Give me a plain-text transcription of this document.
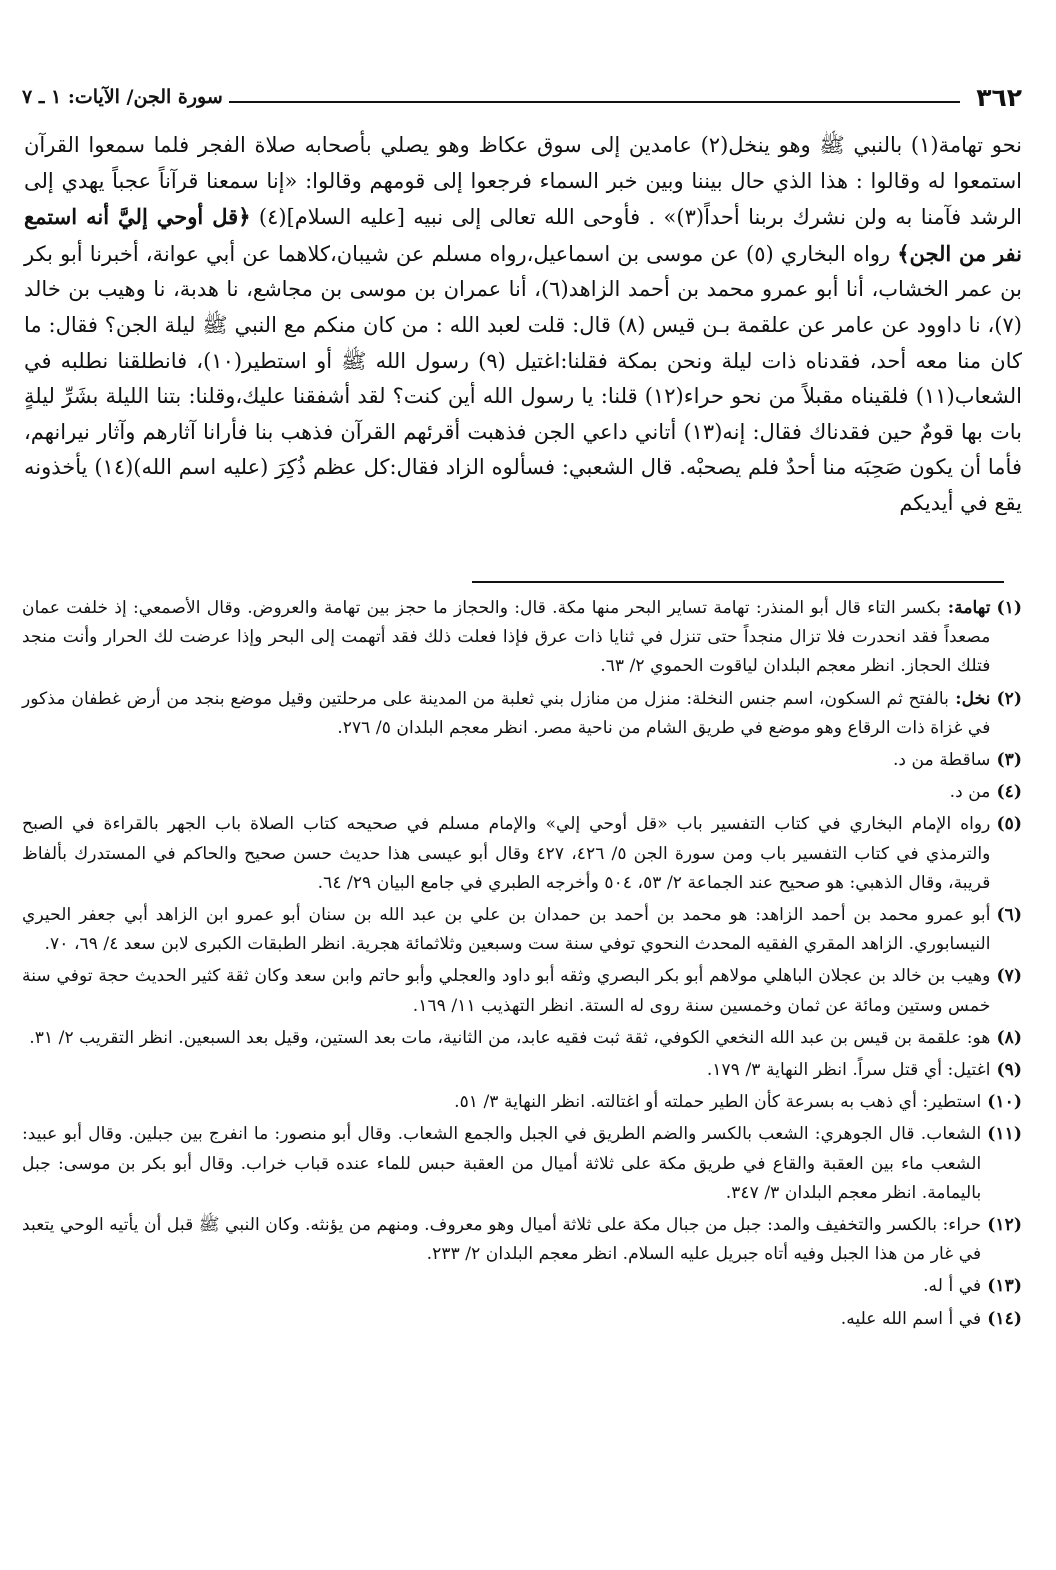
٣٦٢
سورة الجن/ الآيات: ١ ـ ٧

نحو تهامة(١) بالنبي ﷺ وهو ينخل(٢) عامدين إلى سوق عكاظ وهو يصلي بأصحابه صلاة الفجر فلما سمعوا القرآن استمعوا له وقالوا : هذا الذي حال بيننا وبين خبر السماء فرجعوا إلى قومهم وقالوا: «إنا سمعنا قرآناً عجباً يهدي إلى الرشد فآمنا به ولن نشرك بربنا أحداً(٣)» . فأوحى الله تعالى إلى نبيه [عليه السلام](٤) ﴿قل أوحي إليَّ أنه استمع نفر من الجن﴾ رواه البخاري (٥) عن موسى بن اسماعيل،رواه مسلم عن شيبان،كلاهما عن أبي عوانة، أخبرنا أبو بكر بن عمر الخشاب، أنا أبو عمرو محمد بن أحمد الزاهد(٦)، أنا عمران بن موسى بن مجاشع، نا هدبة، نا وهيب بن خالد (٧)، نا داوود عن عامر عن علقمة بـن قيس (٨) قال: قلت لعبد الله : من كان منكم مع النبي ﷺ ليلة الجن؟ فقال: ما كان منا معه أحد، فقدناه ذات ليلة ونحن بمكة فقلنا:اغتيل (٩) رسول الله ﷺ أو استطير(١٠)، فانطلقنا نطلبه في الشعاب(١١) فلقيناه مقبلاً من نحو حراء(١٢) قلنا: يا رسول الله أين كنت؟ لقد أشفقنا عليك،وقلنا: بتنا الليلة بشَرِّ ليلةٍ بات بها قومٌ حين فقدناك فقال: إنه(١٣) أتاني داعي الجن فذهبت أقرئهم القرآن فذهب بنا فأرانا آثارهم وآثار نيرانهم، فأما أن يكون صَحِبَه منا أحدٌ فلم يصحبْه. قال الشعبي: فسألوه الزاد فقال:كل عظم ذُكِرَ (عليه اسم الله)(١٤) يأخذونه يقع في أيديكم

(١)
تهامة: بكسر التاء قال أبو المنذر: تهامة تساير البحر منها مكة. قال: والحجاز ما حجز بين تهامة والعروض. وقال الأصمعي: إذ خلفت عمان مصعداً فقد انحدرت فلا تزال منجداً حتى تنزل في ثنايا ذات عرق فإذا فعلت ذلك فقد أتهمت إلى البحر وإذا عرضت لك الحرار وأنت منجد فتلك الحجاز. انظر معجم البلدان لياقوت الحموي ٢/ ٦٣.
(٢)
نخل: بالفتح ثم السكون، اسم جنس النخلة: منزل من منازل بني ثعلبة من المدينة على مرحلتين وقيل موضع بنجد من أرض غطفان مذكور في غزاة ذات الرقاع وهو موضع في طريق الشام من ناحية مصر. انظر معجم البلدان ٥/ ٢٧٦.
(٣)
ساقطة من د.
(٤)
من د.
(٥)
رواه الإمام البخاري في كتاب التفسير باب «قل أوحي إلي» والإمام مسلم في صحيحه كتاب الصلاة باب الجهر بالقراءة في الصبح والترمذي في كتاب التفسير باب ومن سورة الجن ٥/ ٤٢٦، ٤٢٧ وقال أبو عيسى هذا حديث حسن صحيح والحاكم في المستدرك بألفاظ قريبة، وقال الذهبي: هو صحيح عند الجماعة ٢/ ٥٣، ٥٠٤ وأخرجه الطبري في جامع البيان ٢٩/ ٦٤.
(٦)
أبو عمرو محمد بن أحمد الزاهد: هو محمد بن أحمد بن حمدان بن علي بن عبد الله بن سنان أبو عمرو ابن الزاهد أبي جعفر الحيري النيسابوري. الزاهد المقري الفقيه المحدث النحوي توفي سنة ست وسبعين وثلاثمائة هجرية. انظر الطبقات الكبرى لابن سعد ٤/ ٦٩، ٧٠.
(٧)
وهيب بن خالد بن عجلان الباهلي مولاهم أبو بكر البصري وثقه أبو داود والعجلي وأبو حاتم وابن سعد وكان ثقة كثير الحديث حجة توفي سنة خمس وستين ومائة عن ثمان وخمسين سنة روى له الستة. انظر التهذيب ١١/ ١٦٩.
(٨)
هو: علقمة بن قيس بن عبد الله النخعي الكوفي، ثقة ثبت فقيه عابد، من الثانية، مات بعد الستين، وقيل بعد السبعين. انظر التقريب ٢/ ٣١.
(٩)
اغتيل: أي قتل سراً. انظر النهاية ٣/ ١٧٩.
(١٠)
استطير: أي ذهب به بسرعة كأن الطير حملته أو اغتالته. انظر النهاية ٣/ ٥١.
(١١)
الشعاب. قال الجوهري: الشعب بالكسر والضم الطريق في الجبل والجمع الشعاب. وقال أبو منصور: ما انفرج بين جبلين. وقال أبو عبيد: الشعب ماء بين العقبة والقاع في طريق مكة على ثلاثة أميال من العقبة حبس للماء عنده قباب خراب. وقال أبو بكر بن موسى: جبل باليمامة. انظر معجم البلدان ٣/ ٣٤٧.
(١٢)
حراء: بالكسر والتخفيف والمد: جبل من جبال مكة على ثلاثة أميال وهو معروف. ومنهم من يؤنثه. وكان النبي ﷺ قبل أن يأتيه الوحي يتعبد في غار من هذا الجبل وفيه أتاه جبريل عليه السلام. انظر معجم البلدان ٢/ ٢٣٣.
(١٣)
في أ له.
(١٤)
في أ اسم الله عليه.
